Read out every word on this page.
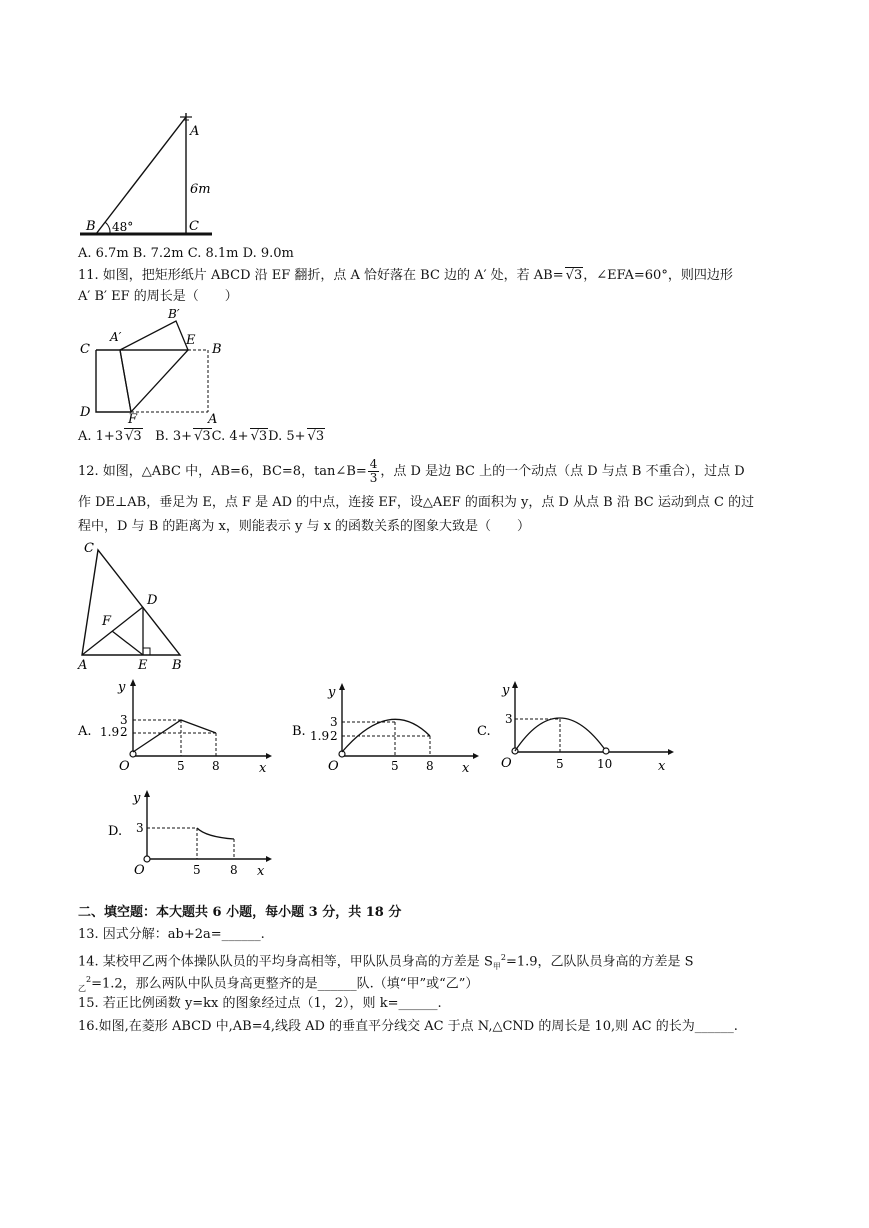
A
6m
C
B 48°
A. 6.7m B. 7.2m C. 8.1m D. 9.0m
11. 如图，把矩形纸片 ABCD 沿 EF 翻折，点 A 恰好落在 BC 边的 A′ 处，若 AB= √ 3，∠EFA=60°，则四边形
A′ B′ EF 的周长是（　　）
C
A′
B′
E
B
D	F	A
A. 1+3 √ 3 B. 3+ √ 3C. 4+ √ 3D. 5+ √ 3
12. 如图，△ABC 中，AB=6，BC=8，tan∠B= $\frac{4}{3}$ ，点 D 是边 BC 上的一个动点（点 D 与点 B 不重合），过点 D
作 DE⊥AB，垂足为 E，点 F 是 AD 的中点，连接 EF，设△AEF 的面积为 y，点 D 从点 B 沿 BC 运动到点 C 的过
程中，D 与 B 的距离为 x，则能表示 y 与 x 的函数关系的图象大致是（　　）
C
D
F
A	E B
A.
y
3
2
1.9
O	5 8	x
B.
y
3
2
1.9
O	5 8 x
C.
y
3
O	5	10	x
D.
y
3
O	5 8 x
二、填空题：本大题共 6 小题，每小题 3 分，共 18 分
13. 因式分解：ab+2a=______.
14. 某校甲乙两个体操队队员的平均身高相等，甲队队员身高的方差是 $S_甲^2=1.9$，乙队队员身高的方差是 S
$_乙^2$=1.2，那么两队中队员身高更整齐的是______队.（填“甲”或“乙”）
15. 若正比例函数 y=kx 的图象经过点（1，2），则 k=______.
16.如图,在菱形 ABCD 中,AB=4,线段 AD 的垂直平分线交 AC 于点 N,△CND 的周长是 10,则 AC 的长为______.
